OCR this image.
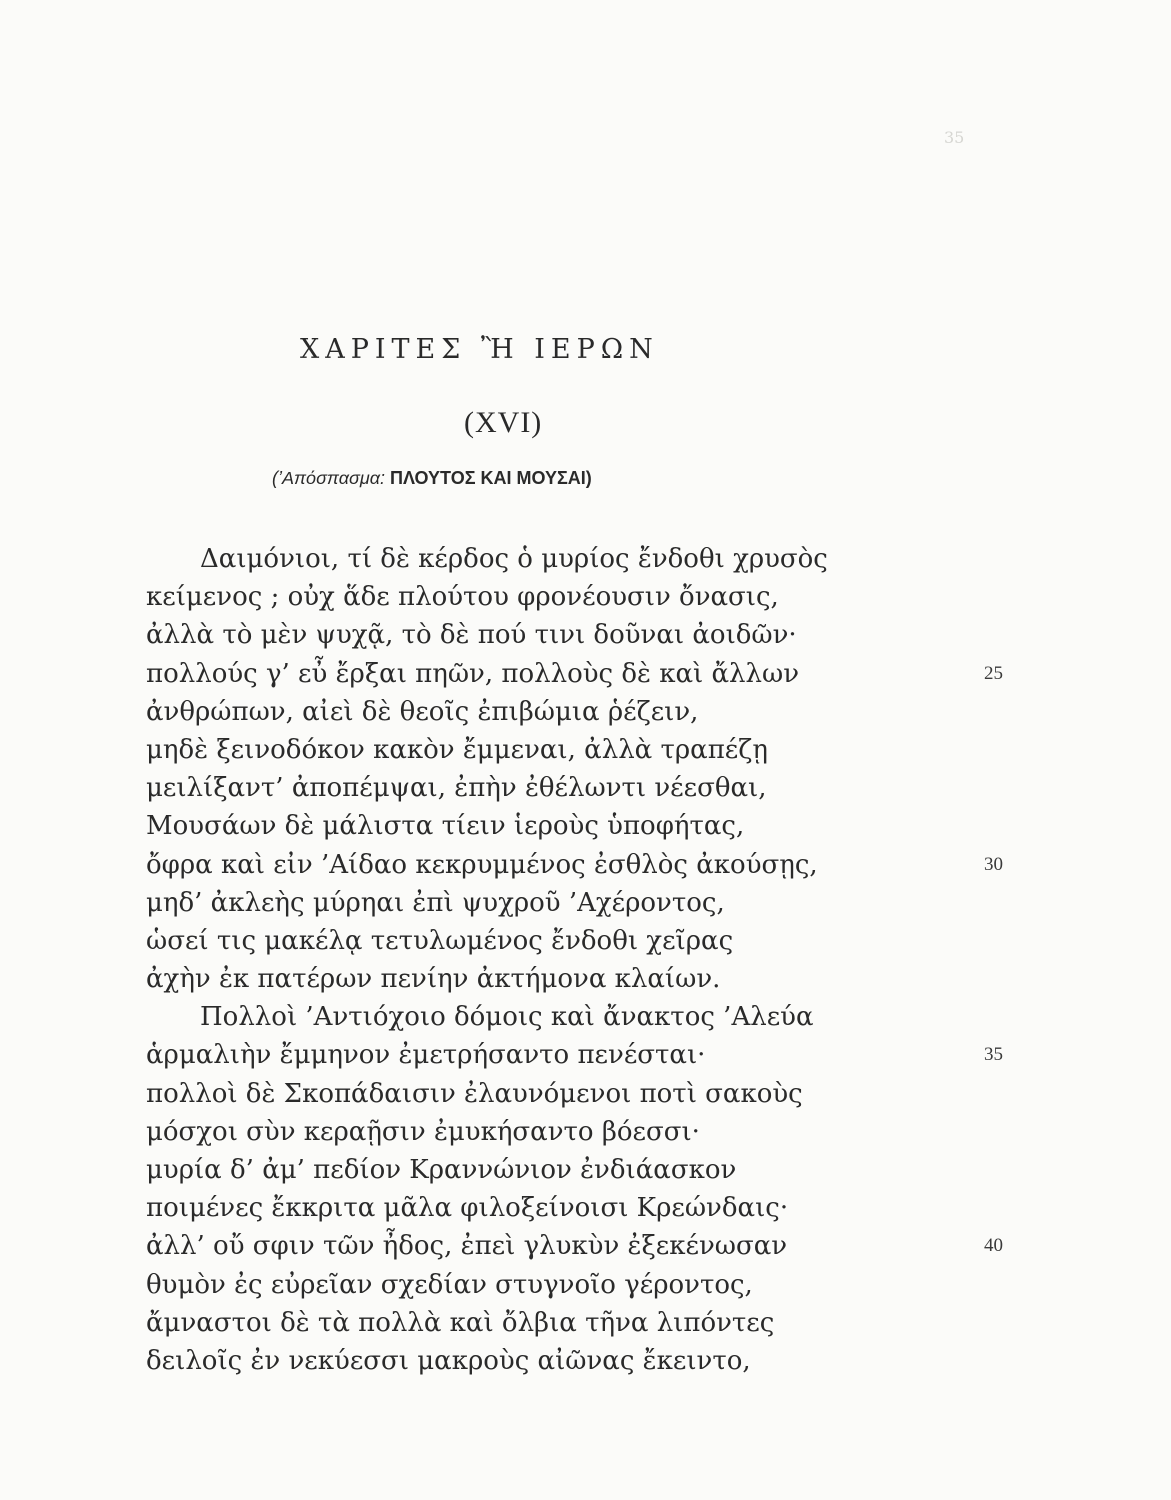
35
ΧΑΡΙΤΕΣ Ἢ ΙΕΡΩΝ
(XVI)
(’Απόσπασμα: ΠΛΟΥΤΟΣ ΚΑΙ ΜΟΥΣΑΙ)
Δαιμόνιοι, τί δὲ κέρδος ὁ μυρίος ἔνδοθι χρυσὸς
κείμενος ; οὐχ ἅδε πλούτου φρονέουσιν ὄνασις,
ἀλλὰ τὸ μὲν ψυχᾷ, τὸ δὲ πού τινι δοῦναι ἀοιδῶν·
πολλούς γ’ εὖ ἔρξαι πηῶν, πολλοὺς δὲ καὶ ἄλλων	25
ἀνθρώπων, αἰεὶ δὲ θεοῖς ἐπιβώμια ῥέζειν,
μηδὲ ξεινοδόκον κακὸν ἔμμεναι, ἀλλὰ τραπέζῃ
μειλίξαντ’ ἀποπέμψαι, ἐπὴν ἐθέλωντι νέεσθαι,
Μουσάων δὲ μάλιστα τίειν ἱεροὺς ὑποφήτας,
ὄφρα καὶ εἰν ’Αίδαο κεκρυμμένος ἐσθλὸς ἀκούσῃς,	30
μηδ’ ἀκλεὴς μύρηαι ἐπὶ ψυχροῦ ’Αχέροντος,
ὡσεί τις μακέλᾳ τετυλωμένος ἔνδοθι χεῖρας
ἀχὴν ἐκ πατέρων πενίην ἀκτήμονα κλαίων.
Πολλοὶ ’Αντιόχοιο δόμοις καὶ ἄνακτος ’Αλεύα
ἁρμαλιὴν ἔμμηνον ἐμετρήσαντο πενέσται·	35
πολλοὶ δὲ Σκοπάδαισιν ἐλαυνόμενοι ποτὶ σακοὺς
μόσχοι σὺν κεραῇσιν ἐμυκήσαντο βόεσσι·
μυρία δ’ ἀμ’ πεδίον Κραννώνιον ἐνδιάασκον
ποιμένες ἔκκριτα μᾶλα φιλοξείνοισι Κρεώνδαις·
ἀλλ’ οὔ σφιν τῶν ἦδος, ἐπεὶ γλυκὺν ἐξεκένωσαν	40
θυμὸν ἐς εὐρεῖαν σχεδίαν στυγνοῖο γέροντος,
ἄμναστοι δὲ τὰ πολλὰ καὶ ὄλβια τῆνα λιπόντες
δειλοῖς ἐν νεκύεσσι μακροὺς αἰῶνας ἔκειντο,
